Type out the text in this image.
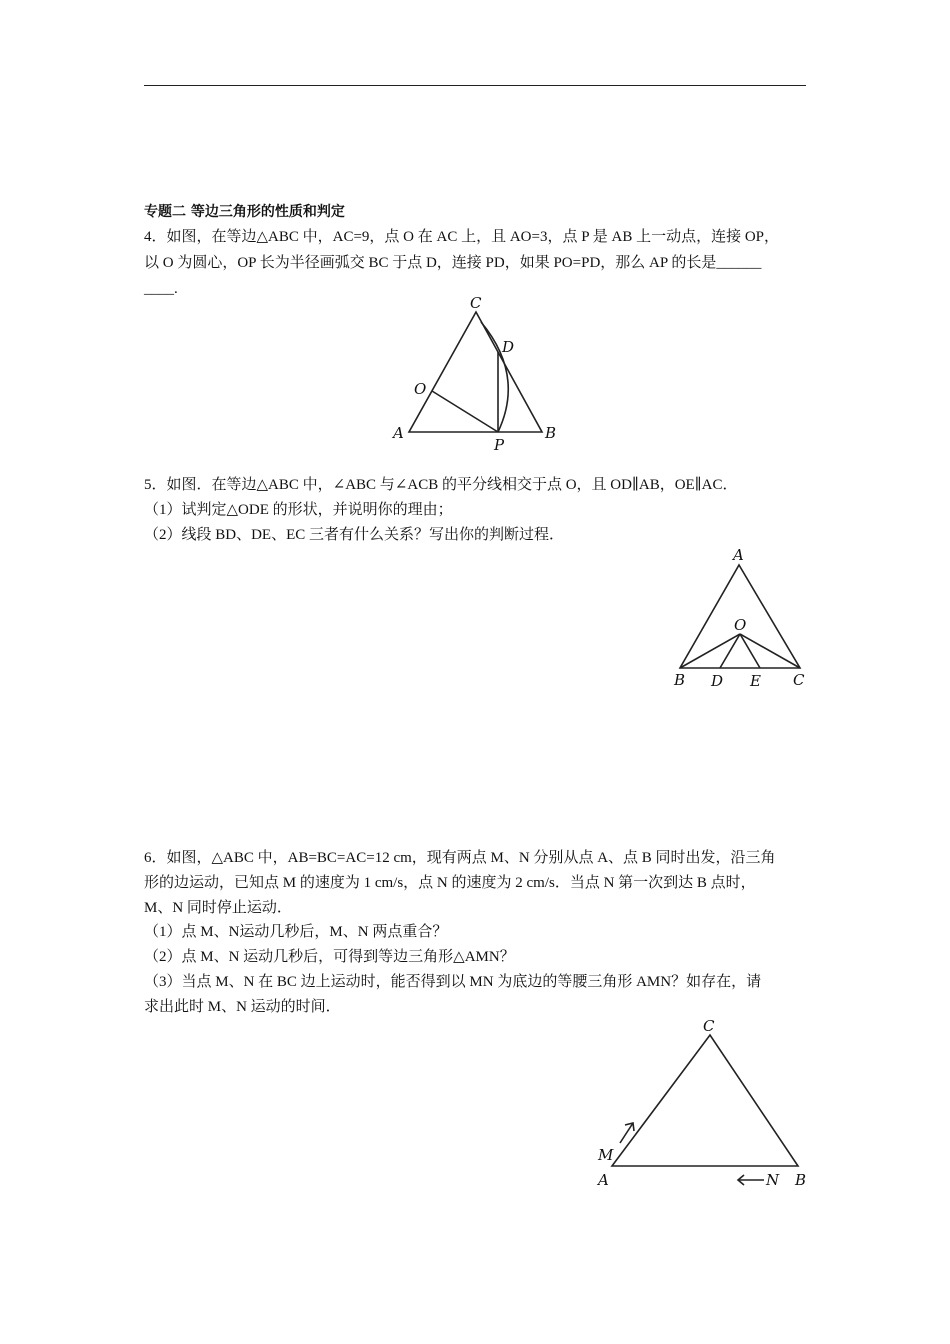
专题二 等边三角形的性质和判定
4．如图，在等边△ABC 中，AC=9，点 O 在 AC 上，且 AO=3，点 P 是 AB 上一动点，连接 OP，
以 O 为圆心，OP 长为半径画弧交 BC 于点 D，连接 PD，如果 PO=PD，那么 AP 的长是______
____.
C
D
O
A	B
P
5．如图．在等边△ABC 中，∠ABC 与∠ACB 的平分线相交于点 O，且 OD∥AB，OE∥AC．
（1）试判定△ODE 的形状，并说明你的理由；
（2）线段 BD、DE、EC 三者有什么关系？写出你的判断过程．
A
O
B D E C
6．如图，△ABC 中，AB=BC=AC=12 cm，现有两点 M、N 分别从点 A、点 B 同时出发，沿三角
形的边运动，已知点 M 的速度为 1 cm/s，点 N 的速度为 2 cm/s．当点 N 第一次到达 B 点时，
M、N 同时停止运动．
（1）点 M、N运动几秒后，M、N 两点重合？
（2）点 M、N 运动几秒后，可得到等边三角形△AMN？
（3）当点 M、N 在 BC 边上运动时，能否得到以 MN 为底边的等腰三角形 AMN？如存在，请
求出此时 M、N 运动的时间．
C
M
A	N B
